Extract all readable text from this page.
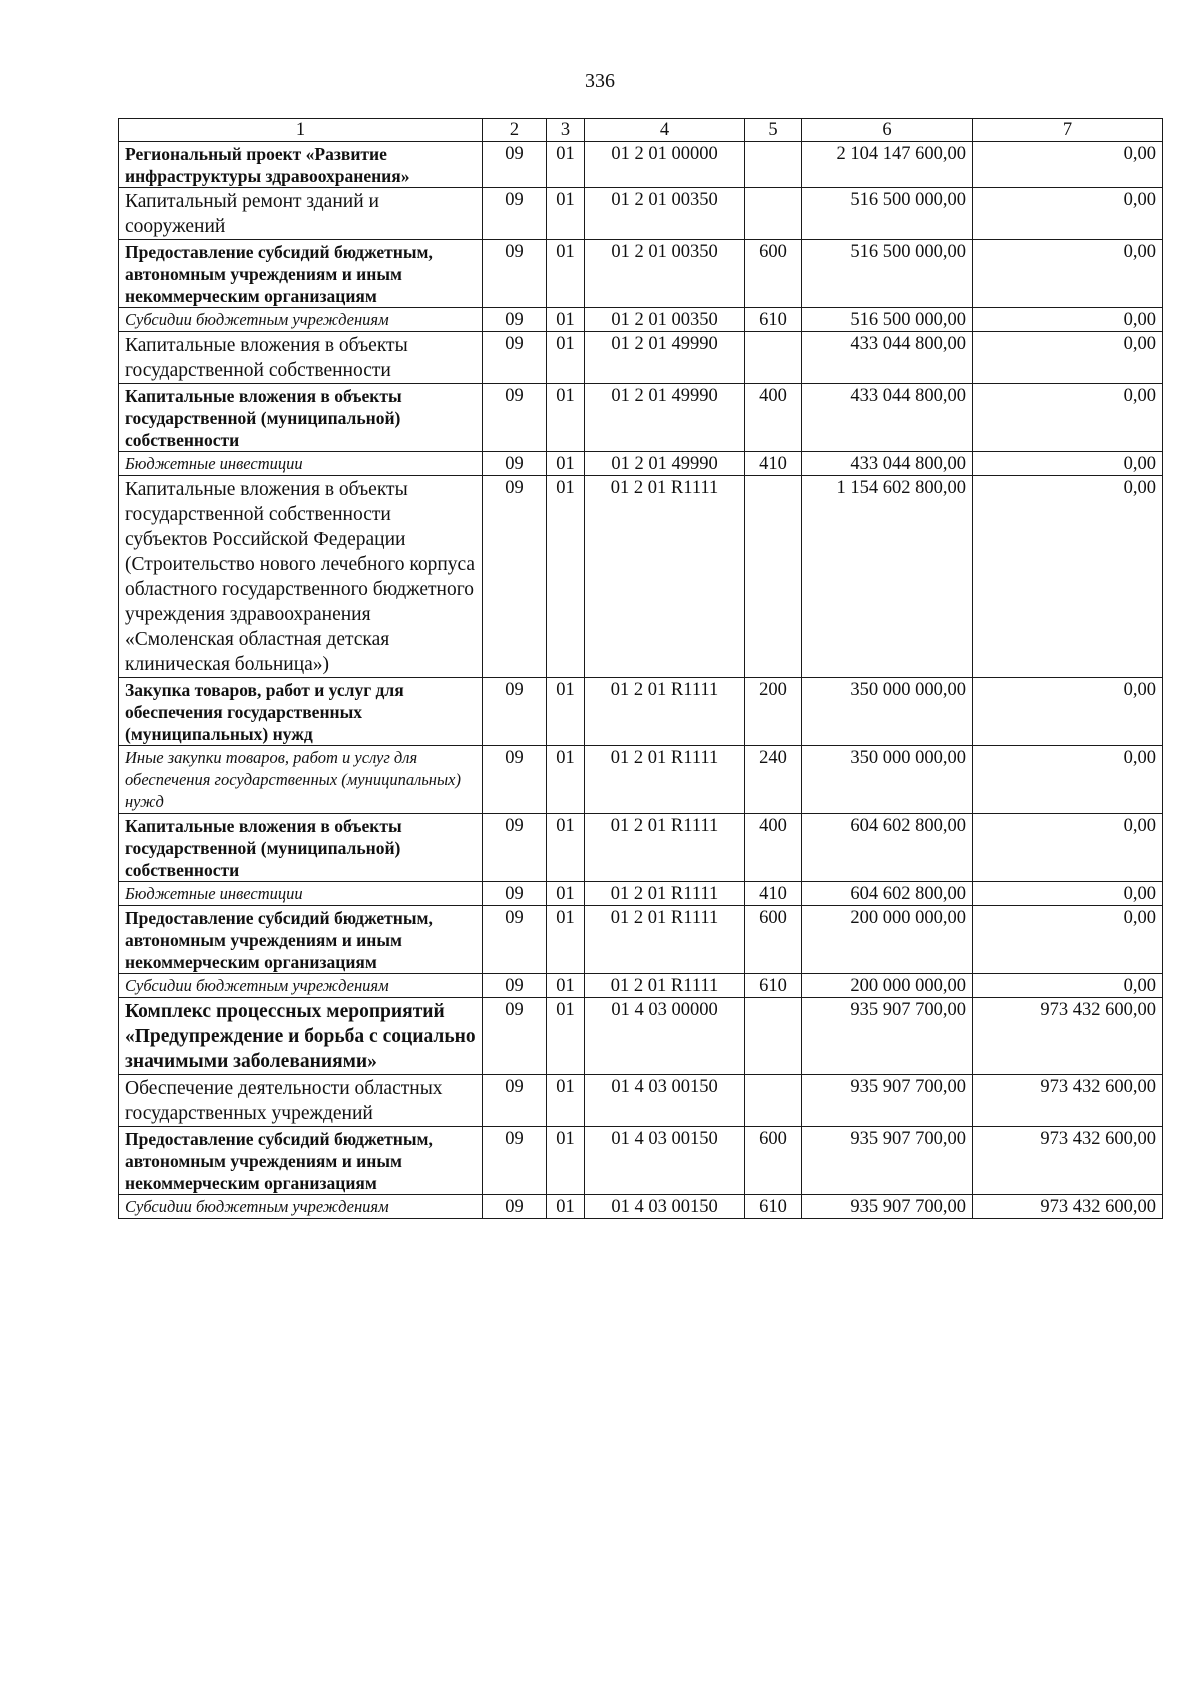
336
1	2	3	4	5	6	7
Региональный проект «Развитие инфраструктуры здравоохранения»	09	01	01 2 01 00000		2 104 147 600,00	0,00
Капитальный ремонт зданий и сооружений	09	01	01 2 01 00350		516 500 000,00	0,00
Предоставление субсидий бюджетным, автономным учреждениям и иным некоммерческим организациям	09	01	01 2 01 00350	600	516 500 000,00	0,00
Субсидии бюджетным учреждениям	09	01	01 2 01 00350	610	516 500 000,00	0,00
Капитальные вложения в объекты государственной собственности	09	01	01 2 01 49990		433 044 800,00	0,00
Капитальные вложения в объекты государственной (муниципальной) собственности	09	01	01 2 01 49990	400	433 044 800,00	0,00
Бюджетные инвестиции	09	01	01 2 01 49990	410	433 044 800,00	0,00
Капитальные вложения в объекты государственной собственности субъектов Российской Федерации (Строительство нового лечебного корпуса областного государственного бюджетного учреждения здравоохранения «Смоленская областная детская клиническая больница»)	09	01	01 2 01 R1111		1 154 602 800,00	0,00
Закупка товаров, работ и услуг для обеспечения государственных (муниципальных) нужд	09	01	01 2 01 R1111	200	350 000 000,00	0,00
Иные закупки товаров, работ и услуг для обеспечения государственных (муниципальных) нужд	09	01	01 2 01 R1111	240	350 000 000,00	0,00
Капитальные вложения в объекты государственной (муниципальной) собственности	09	01	01 2 01 R1111	400	604 602 800,00	0,00
Бюджетные инвестиции	09	01	01 2 01 R1111	410	604 602 800,00	0,00
Предоставление субсидий бюджетным, автономным учреждениям и иным некоммерческим организациям	09	01	01 2 01 R1111	600	200 000 000,00	0,00
Субсидии бюджетным учреждениям	09	01	01 2 01 R1111	610	200 000 000,00	0,00
Комплекс процессных мероприятий «Предупреждение и борьба с социально значимыми заболеваниями»	09	01	01 4 03 00000		935 907 700,00	973 432 600,00
Обеспечение деятельности областных государственных учреждений	09	01	01 4 03 00150		935 907 700,00	973 432 600,00
Предоставление субсидий бюджетным, автономным учреждениям и иным некоммерческим организациям	09	01	01 4 03 00150	600	935 907 700,00	973 432 600,00
Субсидии бюджетным учреждениям	09	01	01 4 03 00150	610	935 907 700,00	973 432 600,00
